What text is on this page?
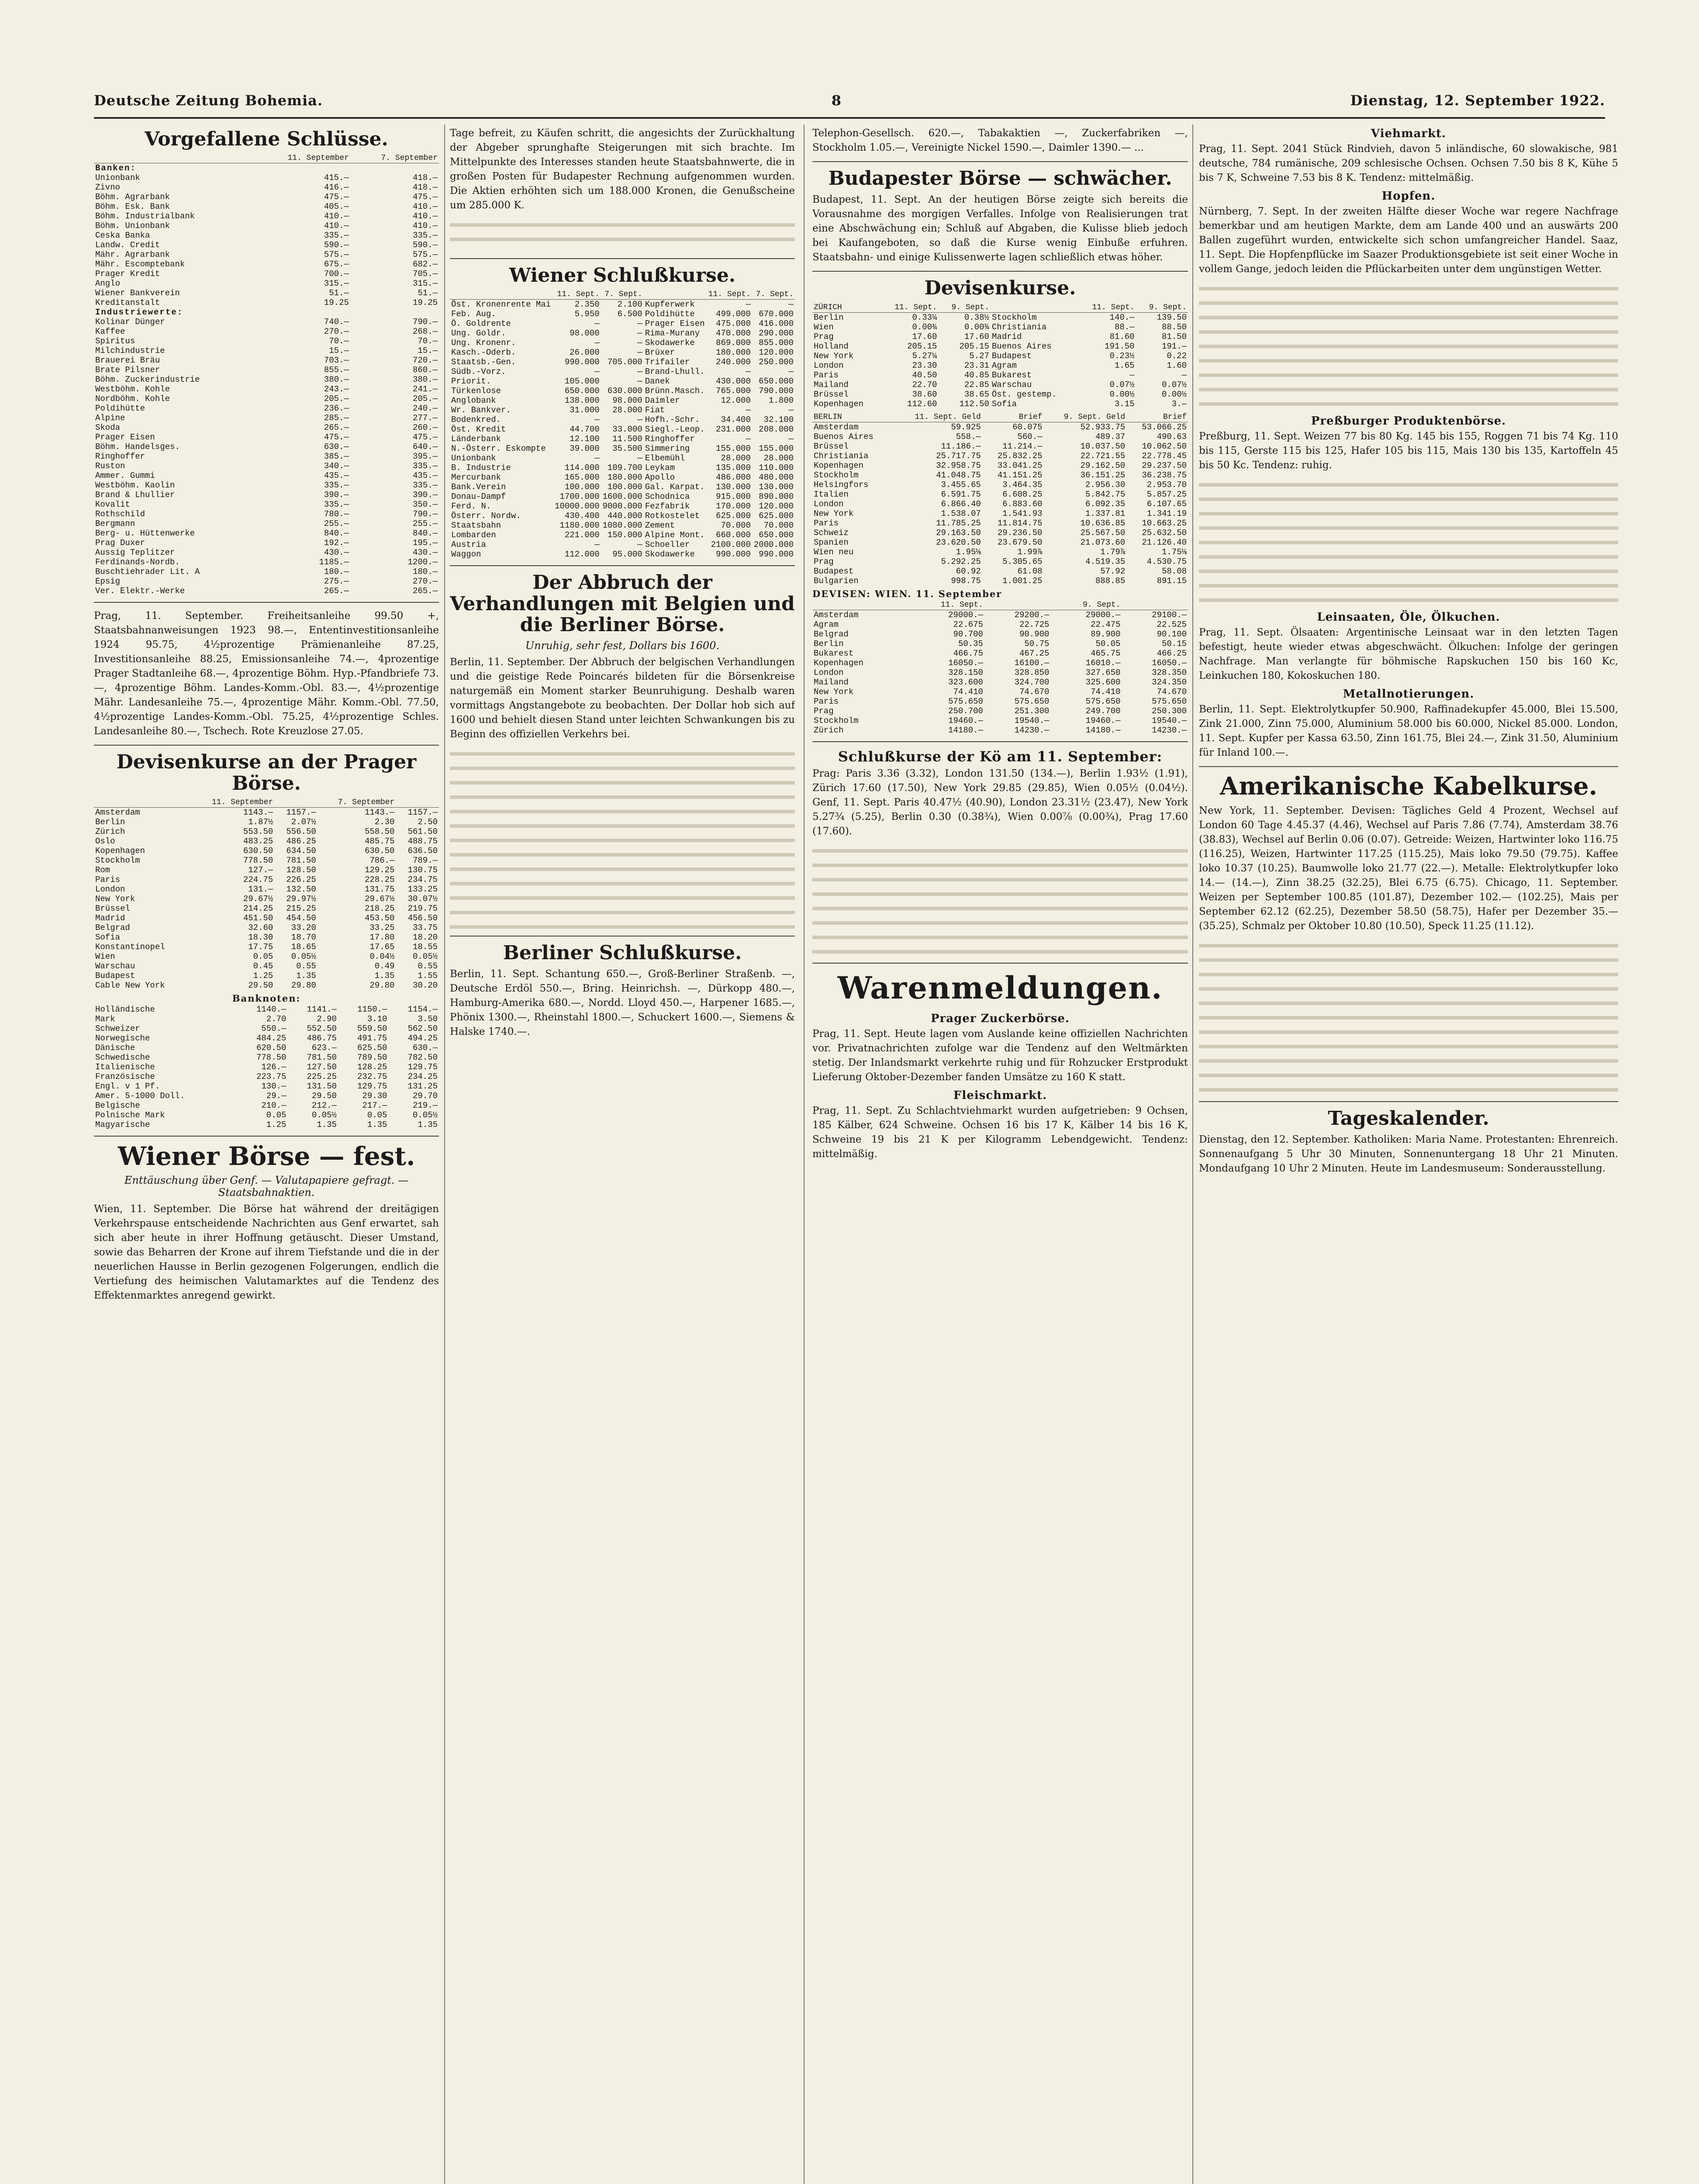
Deutsche Zeitung Bohemia.	8	Dienstag, 12. September 1922.
Vorgefallene Schlüsse.
	11. September	7. September
Banken:		
Unionbank	415.—	418.—
Zivno	416.—	418.—
Böhm. Agrarbank	475.—	475.—
Böhm. Esk. Bank	405.—	410.—
Böhm. Industrialbank	410.—	410.—
Böhm. Unionbank	410.—	410.—
Ceska Banka	335.—	335.—
Landw. Credit	590.—	590.—
Mähr. Agrarbank	575.—	575.—
Mähr. Escomptebank	675.—	682.—
Prager Kredit	700.—	705.—
Anglo	315.—	315.—
Wiener Bankverein	51.—	51.—
Kreditanstalt	19.25	19.25
Industriewerte:		
Kolinar Dünger	740.—	790.—
Kaffee	270.—	268.—
Spiritus	70.—	70.—
Milchindustrie	15.—	15.—
Brauerei Bräu	703.—	720.—
Brate Pilsner	855.—	860.—
Böhm. Zuckerindustrie	380.—	380.—
Westböhm. Kohle	243.—	241.—
Nordböhm. Kohle	205.—	205.—
Poldihütte	236.—	240.—
Alpine	285.—	277.—
Skoda	265.—	260.—
Prager Eisen	475.—	475.—
Böhm. Handelsges.	630.—	640.—
Ringhoffer	385.—	395.—
Ruston	340.—	335.—
Ammer. Gummi	435.—	435.—
Westböhm. Kaolin	335.—	335.—
Brand & Lhullier	390.—	390.—
Kovalit	335.—	350.—
Rothschild	780.—	790.—
Bergmann	255.—	255.—
Berg- u. Hüttenwerke	840.—	840.—
Prag Duxer	192.—	195.—
Aussig Teplitzer	430.—	430.—
Ferdinands-Nordb.	1185.—	1200.—
Buschtiehrader Lit. A	180.—	180.—
Epsig	275.—	270.—
Ver. Elektr.-Werke	265.—	265.—
Prag, 11. September. Freiheitsanleihe 99.50 +, Staatsbahnanweisungen 1923 98.—, Ententinvestitionsanleihe 1924 95.75, 4½prozentige Prämienanleihe 87.25, Investitionsanleihe 88.25, Emissionsanleihe 74.—, 4prozentige Prager Stadtanleihe 68.—, 4prozentige Böhm. Hyp.-Pfandbriefe 73.—, 4prozentige Böhm. Landes-Komm.-Obl. 83.—, 4½prozentige Mähr. Landesanleihe 75.—, 4prozentige Mähr. Komm.-Obl. 77.50, 4½prozentige Landes-Komm.-Obl. 75.25, 4½prozentige Schles. Landesanleihe 80.—, Tschech. Rote Kreuzlose 27.05.
Devisenkurse an der Prager Börse.
	11. September		7. September	
Amsterdam	1143.—	1157.—	1143.—	1157.—
Berlin	1.87½	2.07½	2.30	2.50
Zürich	553.50	556.50	558.50	561.50
Oslo	483.25	486.25	485.75	488.75
Kopenhagen	630.50	634.50	630.50	636.50
Stockholm	778.50	781.50	786.—	789.—
Rom	127.—	128.50	129.25	130.75
Paris	224.75	226.25	228.25	234.75
London	131.—	132.50	131.75	133.25
New York	29.67½	29.97½	29.67½	30.07½
Brüssel	214.25	215.25	218.25	219.75
Madrid	451.50	454.50	453.50	456.50
Belgrad	32.60	33.20	33.25	33.75
Sofia	18.30	18.70	17.80	18.20
Konstantinopel	17.75	18.65	17.65	18.55
Wien	0.05	0.05½	0.04½	0.05½
Warschau	0.45	0.55	0.49	0.55
Budapest	1.25	1.35	1.35	1.55
Cable New York	29.50	29.80	29.80	30.20
Banknoten:
Holländische	1140.—	1141.—	1150.—	1154.—
Mark	2.70	2.90	3.10	3.50
Schweizer	550.—	552.50	559.50	562.50
Norwegische	484.25	486.75	491.75	494.25
Dänische	620.50	623.—	625.50	630.—
Schwedische	778.50	781.50	789.50	782.50
Italienische	126.—	127.50	128.25	129.75
Französische	223.75	225.25	232.75	234.25
Engl. v 1 Pf.	130.—	131.50	129.75	131.25
Amer. 5-1000 Doll.	29.—	29.50	29.30	29.70
Belgische	210.—	212.—	217.—	219.—
Polnische Mark	0.05	0.05½	0.05	0.05½
Magyarische	1.25	1.35	1.35	1.35
Wiener Börse — fest.
Enttäuschung über Genf. — Valutapapiere gefragt. — Staatsbahnaktien.
Wien, 11. September. Die Börse hat während der dreitägigen Verkehrspause entscheidende Nachrichten aus Genf erwartet, sah sich aber heute in ihrer Hoffnung getäuscht. Dieser Umstand, sowie das Beharren der Krone auf ihrem Tiefstande und die in der neuerlichen Hausse in Berlin gezogenen Folgerungen, endlich die Vertiefung des heimischen Valutamarktes auf die Tendenz des Effektenmarktes anregend gewirkt.
Tage befreit, zu Käufen schritt, die angesichts der Zurückhaltung der Abgeber sprunghafte Steigerungen mit sich brachte. Im Mittelpunkte des Interesses standen heute Staatsbahnwerte, die in großen Posten für Budapester Rechnung aufgenommen wurden. Die Aktien erhöhten sich um 188.000 Kronen, die Genußscheine um 285.000 K.
Wiener Schlußkurse.
	11. Sept.	7. Sept.		11. Sept.	7. Sept.
Öst. Kronenrente Mai	2.350	2.100	Kupferwerk	—	—
Feb. Aug.	5.950	6.500	Poldihütte	499.000	670.000
Ö. Goldrente	—	—	Prager Eisen	475.000	416.000
Ung. Goldr.	98.000	—	Rima-Murany	470.000	290.000
Ung. Kronenr.	—	—	Skodawerke	869.000	855.000
Kasch.-Oderb.	26.000	—	Brüxer	180.000	120.000
Staatsb.-Gen.	990.000	705.000	Trifailer	240.000	250.000
Südb.-Vorz.	—	—	Brand-Lhull.	—	—
Priorit.	105.000	—	Danek	430.000	650.000
Türkenlose	650.000	630.000	Brünn.Masch.	765.000	790.000
Anglobank	138.000	98.000	Daimler	12.000	1.800
Wr. Bankver.	31.000	28.000	Fiat	—	—
Bodenkred.	—	—	Hofh.-Schr.	34.400	32.100
Öst. Kredit	44.700	33.000	Siegl.-Leop.	231.000	208.000
Länderbank	12.100	11.500	Ringhoffer	—	—
N.-Österr. Eskompte	39.000	35.500	Simmering	155.000	155.000
Unionbank	—	—	Elbemühl	28.000	28.000
B. Industrie	114.000	109.700	Leykam	135.000	110.000
Mercurbank	165.000	180.000	Apollo	486.000	480.000
Bank.Verein	100.000	100.000	Gal. Karpat.	130.000	130.000
Donau-Dampf	1700.000	1600.000	Schodnica	915.000	890.000
Ferd. N.	10000.000	9000.000	Fezfabrik	170.000	120.000
Österr. Nordw.	430.400	440.000	Rotkostelet	625.000	625.000
Staatsbahn	1180.000	1080.000	Zement	70.000	70.000
Lombarden	221.000	150.000	Alpine Mont.	660.000	650.000
Austria	—	—	Schoeller	2100.000	2000.000
Waggon	112.000	95.000	Skodawerke	990.000	990.000
Der Abbruch der Verhandlungen mit Belgien und die Berliner Börse.
Unruhig, sehr fest, Dollars bis 1600.
Berlin, 11. September. Der Abbruch der belgischen Verhandlungen und die geistige Rede Poincarés bildeten für die Börsenkreise naturgemäß ein Moment starker Beunruhigung. Deshalb waren vormittags Angstangebote zu beobachten. Der Dollar hob sich auf 1600 und behielt diesen Stand unter leichten Schwankungen bis zu Beginn des offiziellen Verkehrs bei.
Berliner Schlußkurse.
Berlin, 11. Sept. Schantung 650.—, Groß-Berliner Straßenb. —, Deutsche Erdöl 550.—, Bring. Heinrichsh. —, Dürkopp 480.—, Hamburg-Amerika 680.—, Nordd. Lloyd 450.—, Harpener 1685.—, Phönix 1300.—, Rheinstahl 1800.—, Schuckert 1600.—, Siemens & Halske 1740.—.
Telephon-Gesellsch. 620.—, Tabakaktien —, Zuckerfabriken —, Stockholm 1.05.—, Vereinigte Nickel 1590.—, Daimler 1390.— ...
Budapester Börse — schwächer.
Budapest, 11. Sept. An der heutigen Börse zeigte sich bereits die Vorausnahme des morgigen Verfalles. Infolge von Realisierungen trat eine Abschwächung ein; Schluß auf Abgaben, die Kulisse blieb jedoch bei Kaufangeboten, so daß die Kurse wenig Einbuße erfuhren. Staatsbahn- und einige Kulissenwerte lagen schließlich etwas höher.
Devisenkurse.
ZÜRICH	11. Sept.	9. Sept.		11. Sept.	9. Sept.
Berlin	0.33¼	0.38½	Stockholm	140.—	139.50
Wien	0.00¾	0.00¾	Christiania	88.—	88.50
Prag	17.60	17.60	Madrid	81.60	81.50
Holland	205.15	205.15	Buenos Aires	191.50	191.—
New York	5.27¼	5.27	Budapest	0.23½	0.22
London	23.30	23.31	Agram	1.65	1.60
Paris	40.50	40.85	Bukarest	—	—
Mailand	22.70	22.85	Warschau	0.07½	0.07½
Brüssel	38.60	38.65	Öst. gestemp.	0.00½	0.00½
Kopenhagen	112.60	112.50	Sofia	3.15	3.—
BERLIN	11. Sept. Geld	Brief	9. Sept. Geld	Brief
Amsterdam	59.925	60.075	52.933.75	53.066.25
Buenos Aires	558.—	560.—	489.37	490.63
Brüssel	11.186.—	11.214.—	10.037.50	10.062.50
Christiania	25.717.75	25.832.25	22.721.55	22.778.45
Kopenhagen	32.958.75	33.041.25	29.162.50	29.237.50
Stockholm	41.048.75	41.151.25	36.151.25	36.238.75
Helsingfors	3.455.65	3.464.35	2.956.30	2.953.70
Italien	6.591.75	6.608.25	5.842.75	5.857.25
London	6.866.40	6.883.60	6.092.35	6.107.65
New York	1.538.07	1.541.93	1.337.81	1.341.19
Paris	11.785.25	11.814.75	10.636.85	10.663.25
Schweiz	29.163.50	29.236.50	25.567.50	25.632.50
Spanien	23.620.50	23.679.50	21.073.60	21.126.40
Wien neu	1.95⅛	1.99⅞	1.79⅞	1.75⅛
Prag	5.292.25	5.305.65	4.519.35	4.530.75
Budapest	60.92	61.08	57.92	58.08
Bulgarien	998.75	1.001.25	888.85	891.15
DEVISEN: WIEN. 11. September
	11. Sept.		9. Sept.	
Amsterdam	29000.—	29200.—	29000.—	29100.—
Agram	22.675	22.725	22.475	22.525
Belgrad	90.700	90.900	89.900	90.100
Berlin	50.35	50.75	50.05	50.15
Bukarest	466.75	467.25	465.75	466.25
Kopenhagen	16050.—	16100.—	16010.—	16050.—
London	328.150	328.850	327.650	328.350
Mailand	323.600	324.700	325.600	324.350
New York	74.410	74.670	74.410	74.670
Paris	575.650	575.650	575.650	575.650
Prag	250.700	251.300	249.700	250.300
Stockholm	19460.—	19540.—	19460.—	19540.—
Zürich	14180.—	14230.—	14180.—	14230.—
Schlußkurse der Kö am 11. September:
Prag: Paris 3.36 (3.32), London 131.50 (134.—), Berlin 1.93½ (1.91), Zürich 17.60 (17.50), New York 29.85 (29.85), Wien 0.05½ (0.04½). Genf, 11. Sept. Paris 40.47½ (40.90), London 23.31½ (23.47), New York 5.27¾ (5.25), Berlin 0.30 (0.38¾), Wien 0.00⅞ (0.00¾), Prag 17.60 (17.60).
Warenmeldungen.
Prager Zuckerbörse.
Prag, 11. Sept. Heute lagen vom Auslande keine offiziellen Nachrichten vor. Privatnachrichten zufolge war die Tendenz auf den Weltmärkten stetig. Der Inlandsmarkt verkehrte ruhig und für Rohzucker Erstprodukt Lieferung Oktober-Dezember fanden Umsätze zu 160 K statt.
Fleischmarkt.
Prag, 11. Sept. Zu Schlachtviehmarkt wurden aufgetrieben: 9 Ochsen, 185 Kälber, 624 Schweine. Ochsen 16 bis 17 K, Kälber 14 bis 16 K, Schweine 19 bis 21 K per Kilogramm Lebendgewicht. Tendenz: mittelmäßig.
Viehmarkt.
Prag, 11. Sept. 2041 Stück Rindvieh, davon 5 inländische, 60 slowakische, 981 deutsche, 784 rumänische, 209 schlesische Ochsen. Ochsen 7.50 bis 8 K, Kühe 5 bis 7 K, Schweine 7.53 bis 8 K. Tendenz: mittelmäßig.
Hopfen.
Nürnberg, 7. Sept. In der zweiten Hälfte dieser Woche war regere Nachfrage bemerkbar und am heutigen Markte, dem am Lande 400 und an auswärts 200 Ballen zugeführt wurden, entwickelte sich schon umfangreicher Handel. Saaz, 11. Sept. Die Hopfenpflücke im Saazer Produktionsgebiete ist seit einer Woche in vollem Gange, jedoch leiden die Pflückarbeiten unter dem ungünstigen Wetter.
Preßburger Produktenbörse.
Preßburg, 11. Sept. Weizen 77 bis 80 Kg. 145 bis 155, Roggen 71 bis 74 Kg. 110 bis 115, Gerste 115 bis 125, Hafer 105 bis 115, Mais 130 bis 135, Kartoffeln 45 bis 50 Kc. Tendenz: ruhig.
Leinsaaten, Öle, Ölkuchen.
Prag, 11. Sept. Ölsaaten: Argentinische Leinsaat war in den letzten Tagen befestigt, heute wieder etwas abgeschwächt. Ölkuchen: Infolge der geringen Nachfrage. Man verlangte für böhmische Rapskuchen 150 bis 160 Kc, Leinkuchen 180, Kokoskuchen 180.
Metallnotierungen.
Berlin, 11. Sept. Elektrolytkupfer 50.900, Raffinadekupfer 45.000, Blei 15.500, Zink 21.000, Zinn 75.000, Aluminium 58.000 bis 60.000, Nickel 85.000. London, 11. Sept. Kupfer per Kassa 63.50, Zinn 161.75, Blei 24.—, Zink 31.50, Aluminium für Inland 100.—.
Amerikanische Kabelkurse.
New York, 11. September. Devisen: Tägliches Geld 4 Prozent, Wechsel auf London 60 Tage 4.45.37 (4.46), Wechsel auf Paris 7.86 (7.74), Amsterdam 38.76 (38.83), Wechsel auf Berlin 0.06 (0.07). Getreide: Weizen, Hartwinter loko 116.75 (116.25), Weizen, Hartwinter 117.25 (115.25), Mais loko 79.50 (79.75). Kaffee loko 10.37 (10.25). Baumwolle loko 21.77 (22.—). Metalle: Elektrolytkupfer loko 14.— (14.—), Zinn 38.25 (32.25), Blei 6.75 (6.75). Chicago, 11. September. Weizen per September 100.85 (101.87), Dezember 102.— (102.25), Mais per September 62.12 (62.25), Dezember 58.50 (58.75), Hafer per Dezember 35.— (35.25), Schmalz per Oktober 10.80 (10.50), Speck 11.25 (11.12).
Tageskalender.
Dienstag, den 12. September. Katholiken: Maria Name. Protestanten: Ehrenreich. Sonnenaufgang 5 Uhr 30 Minuten, Sonnenuntergang 18 Uhr 21 Minuten. Mondaufgang 10 Uhr 2 Minuten. Heute im Landesmuseum: Sonderausstellung.
